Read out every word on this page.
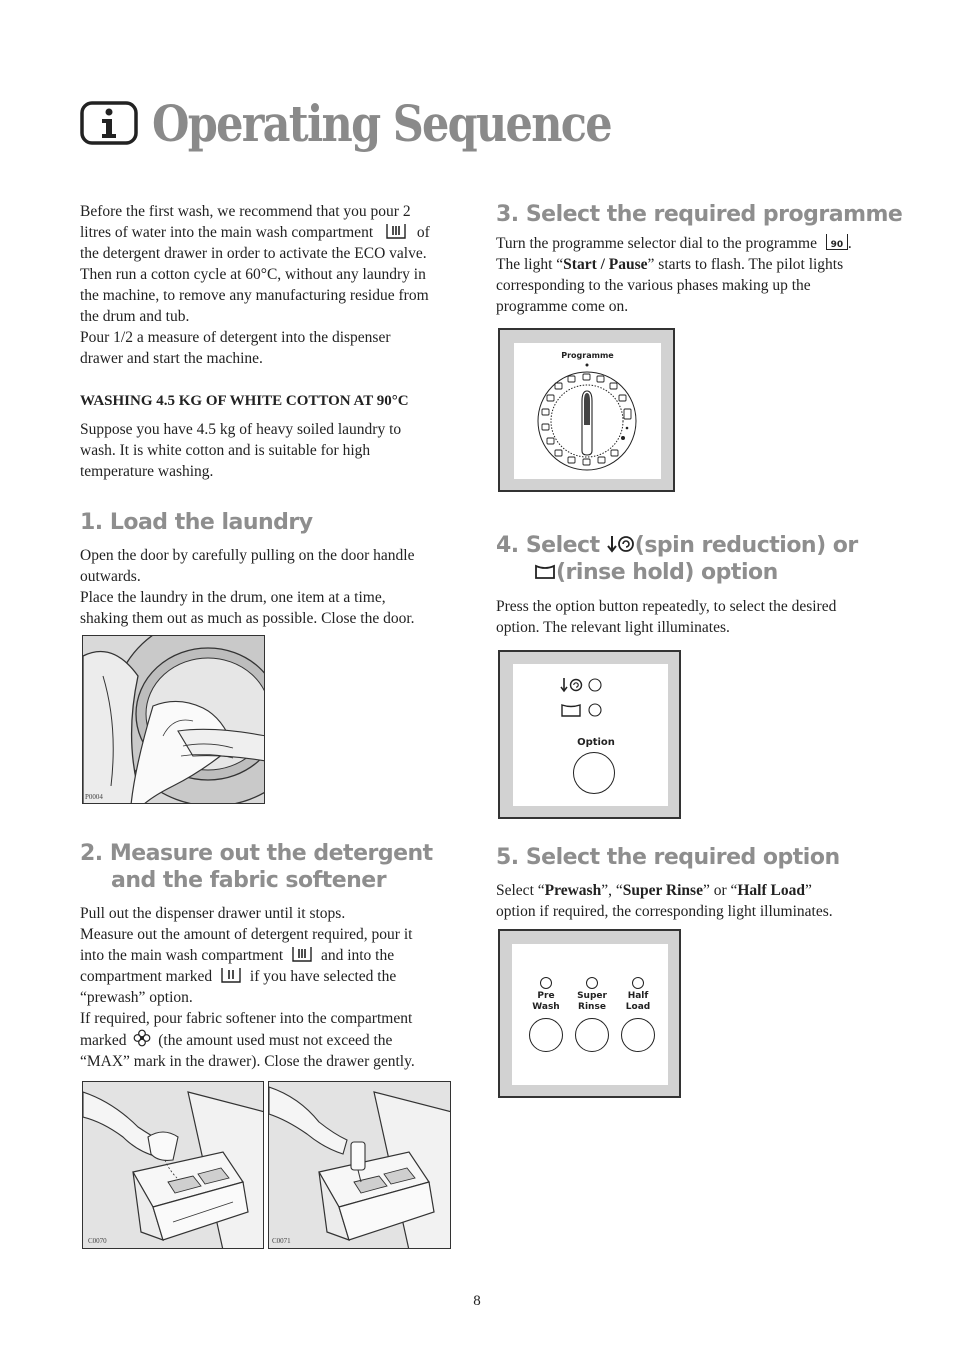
Operating Sequence

Before the first wash, we recommend that you pour 2

litres of water into the main wash compartment	of

the detergent drawer in order to activate the ECO valve.

Then run a cotton cycle at 60°C, without any laundry in

the machine, to remove any manufacturing residue from

the drum and tub.

Pour 1/2 a measure of detergent into the dispenser

drawer and start the machine.

WASHING 4.5 KG OF WHITE COTTON AT 90°C

Suppose you have 4.5 kg of heavy soiled laundry to

wash. It is white cotton and is suitable for high

temperature washing.

1. Load the laundry

Open the door by carefully pulling on the door handle

outwards.

Place the laundry in the drum, one item at a time,

shaking them out as much as possible. Close the door.

P0004
2. Measure out the detergent
and the fabric softener

Pull out the dispenser drawer until it stops.

Measure out the amount of detergent required, pour it

into the main wash compartment and into the

compartment marked if you have selected the

“prewash” option.

If required, pour fabric softener into the compartment

marked (the amount used must not exceed the

“MAX” mark in the drawer). Close the drawer gently.

C0070	C0071
3. Select the required programme

Turn the programme selector dial to the programme	90 .

The light “Start / Pause” starts to flash. The pilot lights

corresponding to the various phases making up the

programme come on.

Programme
4. Select (spin reduction) or
(rinse hold) option

Press the option button repeatedly, to select the desired

option. The relevant light illuminates.

Option
5. Select the required option

Select “Prewash”, “Super Rinse” or “Half Load”

option if required, the corresponding light illuminates.

Pre
Wash
Super
Rinse
Half
Load
8
